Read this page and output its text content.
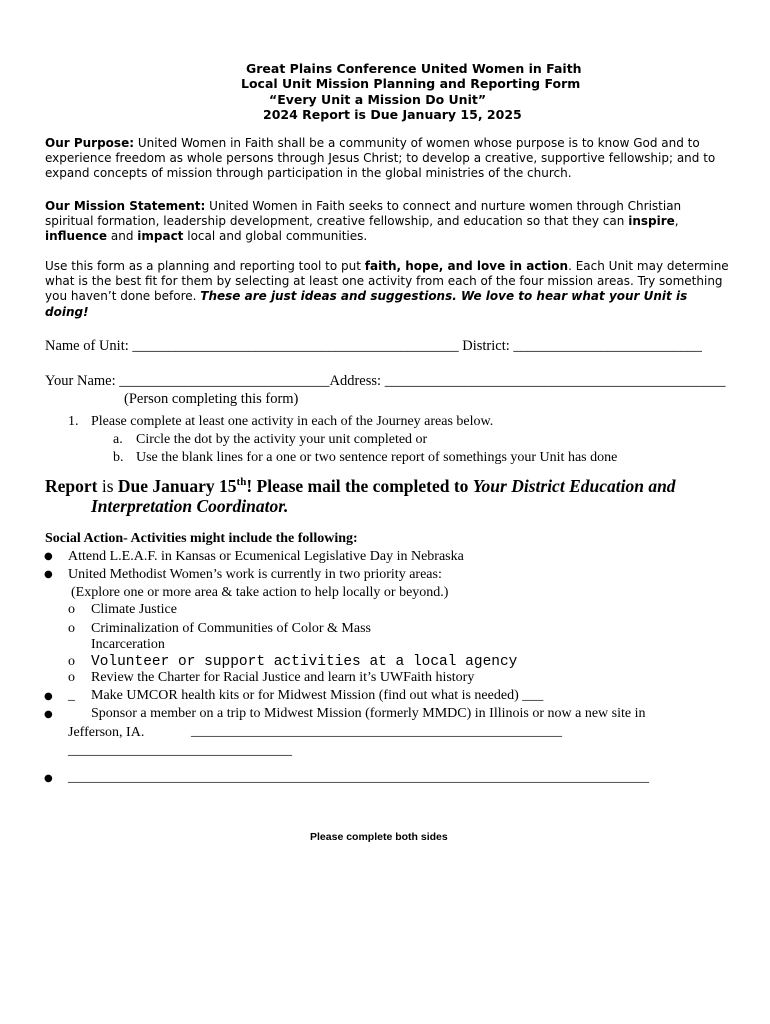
Great Plains Conference United Women in Faith
Local Unit Mission Planning and Reporting Form
“Every Unit a Mission Do Unit”
2024 Report is Due January 15, 2025
Our Purpose: United Women in Faith shall be a community of women whose purpose is to know God and to experience freedom as whole persons through Jesus Christ; to develop a creative, supportive fellowship; and to expand concepts of mission through participation in the global ministries of the church.
Our Mission Statement: United Women in Faith seeks to connect and nurture women through Christian spiritual formation, leadership development, creative fellowship, and education so that they can inspire, influence and impact local and global communities.
Use this form as a planning and reporting tool to put faith, hope, and love in action. Each Unit may determine what is the best fit for them by selecting at least one activity from each of the four mission areas. Try something you haven’t done before. These are just ideas and suggestions. We love to hear what your Unit is doing!
Name of Unit: _____________________________________________ District: __________________________
Your Name: _____________________________Address: _______________________________________________
(Person completing this form)
1. Please complete at least one activity in each of the Journey areas below.
a. Circle the dot by the activity your unit completed or
b. Use the blank lines for a one or two sentence report of somethings your Unit has done
Report is Due January 15th! Please mail the completed to Your District Education and
Interpretation Coordinator.
Social Action- Activities might include the following:
● Attend L.E.A.F. in Kansas or Ecumenical Legislative Day in Nebraska
● United Methodist Women’s work is currently in two priority areas:
(Explore one or more area & take action to help locally or beyond.)
o Climate Justice
o Criminalization of Communities of Color & Mass
Incarceration
o Volunteer or support activities at a local agency
o Review the Charter for Racial Justice and learn it’s UWFaith history
● _ Make UMCOR health kits or for Midwest Mission (find out what is needed) ___
●	Sponsor a member on a trip to Midwest Mission (formerly MMDC) in Illinois or now a new site in
Jefferson, IA.	_____________________________________________________
________________________________
● ___________________________________________________________________________________
Please complete both sides
